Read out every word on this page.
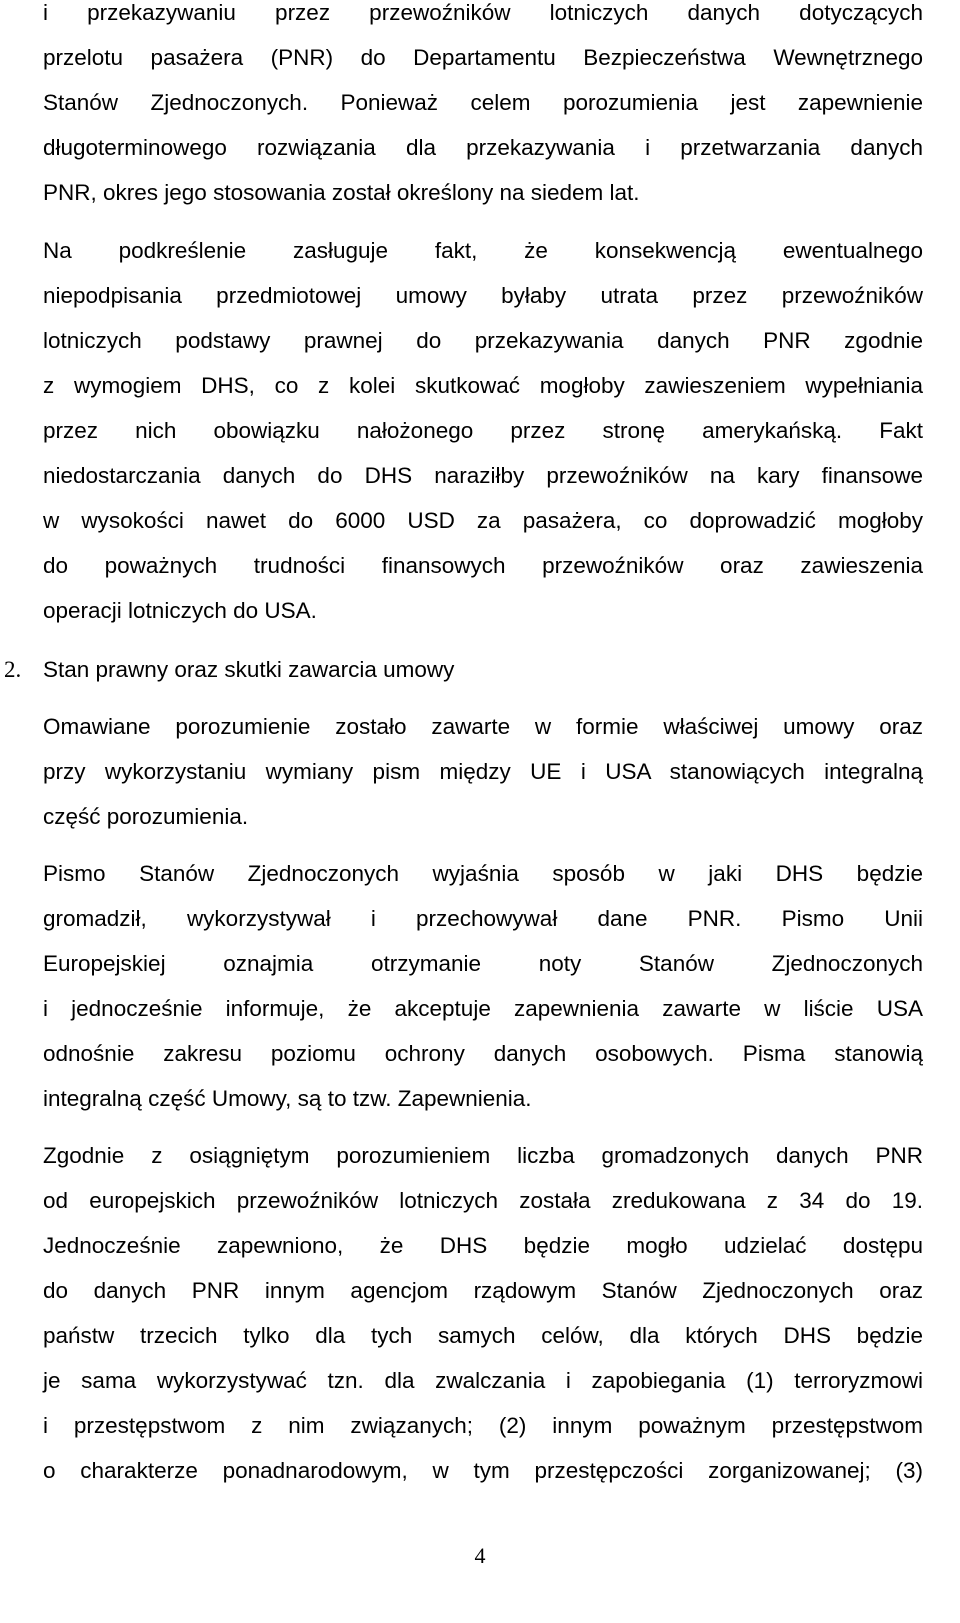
i przekazywaniu przez przewoźników lotniczych danych dotyczących
przelotu pasażera (PNR) do Departamentu Bezpieczeństwa Wewnętrznego
Stanów Zjednoczonych. Ponieważ celem porozumienia jest zapewnienie
długoterminowego rozwiązania dla przekazywania i przetwarzania danych
PNR, okres jego stosowania został określony na siedem lat.

Na podkreślenie zasługuje fakt, że konsekwencją ewentualnego
niepodpisania przedmiotowej umowy byłaby utrata przez przewoźników
lotniczych podstawy prawnej do przekazywania danych PNR zgodnie
z wymogiem DHS, co z kolei skutkować mogłoby zawieszeniem wypełniania
przez nich obowiązku nałożonego przez stronę amerykańską. Fakt
niedostarczania danych do DHS naraziłby przewoźników na kary finansowe
w wysokości nawet do 6000 USD za pasażera, co doprowadzić mogłoby
do poważnych trudności finansowych przewoźników oraz zawieszenia
operacji lotniczych do USA.

2. Stan prawny oraz skutki zawarcia umowy

Omawiane porozumienie zostało zawarte w formie właściwej umowy oraz
przy wykorzystaniu wymiany pism między UE i USA stanowiących integralną
część porozumienia.

Pismo Stanów Zjednoczonych wyjaśnia sposób w jaki DHS będzie
gromadził, wykorzystywał i przechowywał dane PNR. Pismo Unii
Europejskiej oznajmia otrzymanie noty Stanów Zjednoczonych
i jednocześnie informuje, że akceptuje zapewnienia zawarte w liście USA
odnośnie zakresu poziomu ochrony danych osobowych. Pisma stanowią
integralną część Umowy, są to tzw. Zapewnienia.

Zgodnie z osiągniętym porozumieniem liczba gromadzonych danych PNR
od europejskich przewoźników lotniczych została zredukowana z 34 do 19.
Jednocześnie zapewniono, że DHS będzie mogło udzielać dostępu
do danych PNR innym agencjom rządowym Stanów Zjednoczonych oraz
państw trzecich tylko dla tych samych celów, dla których DHS będzie
je sama wykorzystywać tzn. dla zwalczania i zapobiegania (1) terroryzmowi
i przestępstwom z nim związanych; (2) innym poważnym przestępstwom
o charakterze ponadnarodowym, w tym przestępczości zorganizowanej; (3)

4
